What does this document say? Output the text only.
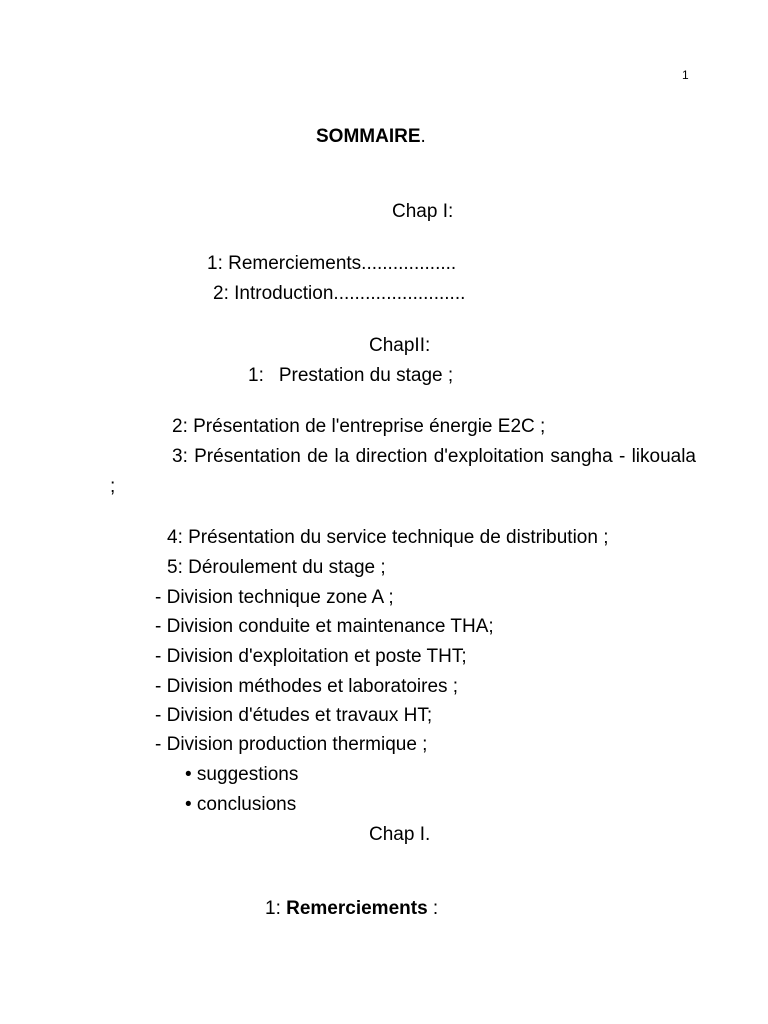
1
SOMMAIRE.
Chap I:
1: Remerciements..................
2: Introduction.........................
ChapII:
1: Prestation du stage ;
2: Présentation de l'entreprise énergie E2C ;
3: Présentation de la direction d'exploitation sangha - likouala ;
4: Présentation du service technique de distribution ;
5: Déroulement du stage ;
- Division technique zone A ;
- Division conduite et maintenance THA;
- Division d'exploitation et poste THT;
- Division méthodes et laboratoires ;
- Division d'études et travaux HT;
- Division production thermique ;
• suggestions
• conclusions
Chap I.
1: Remerciements :
